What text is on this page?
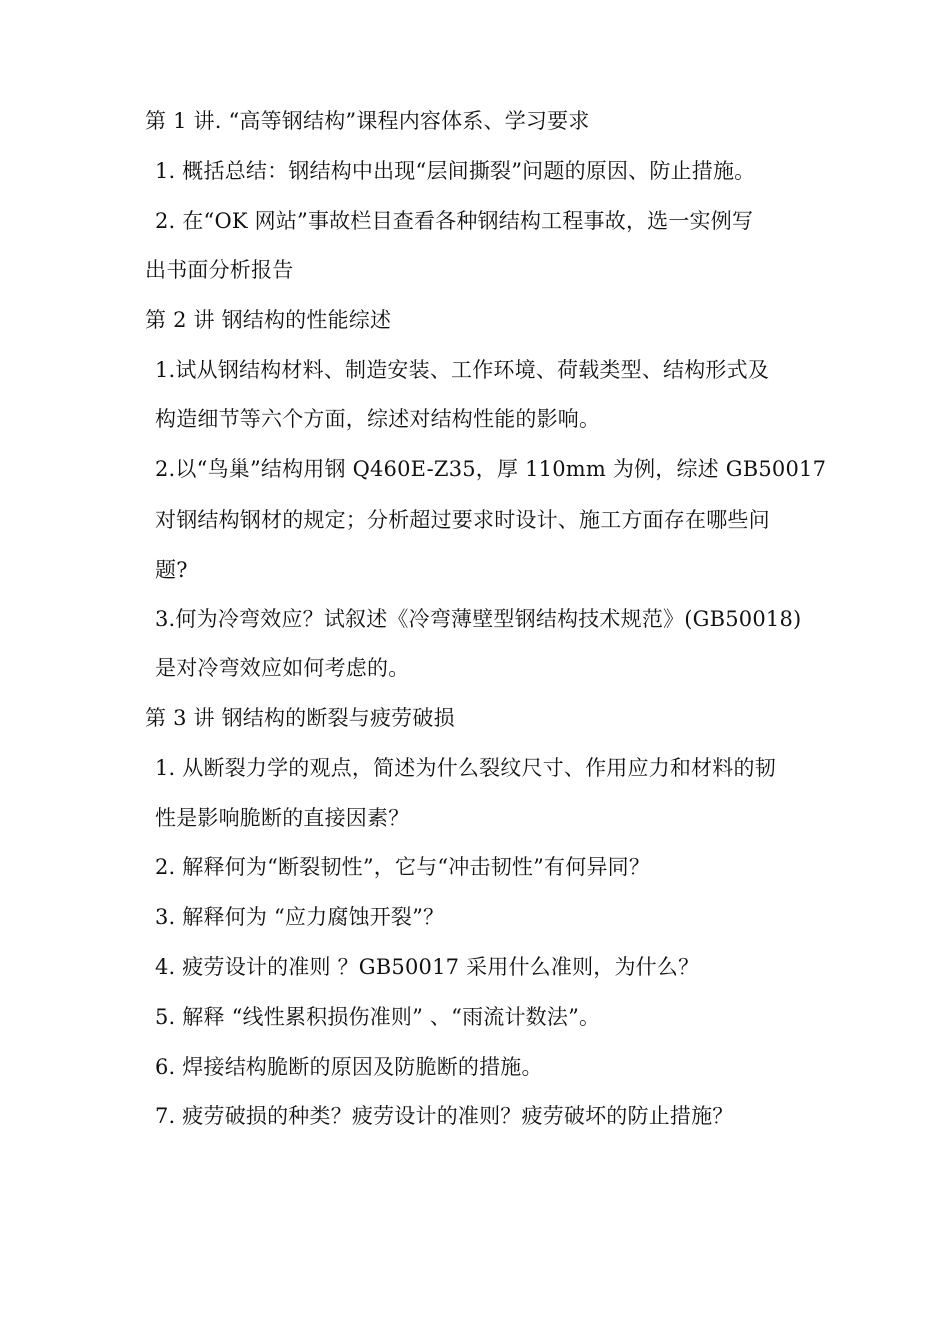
第 1 讲. “高等钢结构”课程内容体系、学习要求
1. 概括总结：钢结构中出现“层间撕裂”问题的原因、防止措施。
2. 在“OK 网站”事故栏目查看各种钢结构工程事故，选一实例写
出书面分析报告
第 2 讲 钢结构的性能综述
1.试从钢结构材料、制造安装、工作环境、荷载类型、结构形式及
构造细节等六个方面，综述对结构性能的影响。
2.以“鸟巢”结构用钢 Q460E-Z35，厚 110mm 为例，综述 GB50017
对钢结构钢材的规定；分析超过要求时设计、施工方面存在哪些问
题?
3.何为冷弯效应？试叙述《冷弯薄壁型钢结构技术规范》(GB50018)
是对冷弯效应如何考虑的。
第 3 讲 钢结构的断裂与疲劳破损
1. 从断裂力学的观点，简述为什么裂纹尺寸、作用应力和材料的韧
性是影响脆断的直接因素？
2. 解释何为“断裂韧性”，它与“冲击韧性”有何异同？
3. 解释何为 “应力腐蚀开裂”？
4. 疲劳设计的准则 ？GB50017 采用什么准则，为什么？
5. 解释 “线性累积损伤准则” 、“雨流计数法”。
6. 焊接结构脆断的原因及防脆断的措施。
7. 疲劳破损的种类？疲劳设计的准则？疲劳破坏的防止措施？
